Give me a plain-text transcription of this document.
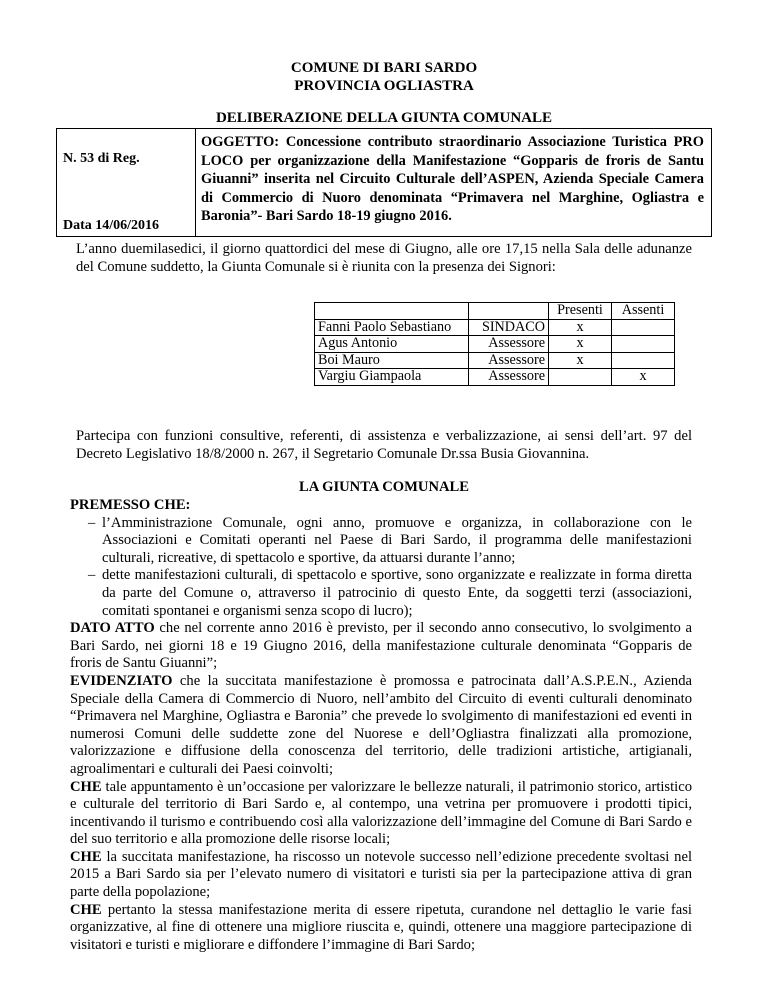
COMUNE DI BARI SARDO
PROVINCIA OGLIASTRA
DELIBERAZIONE DELLA GIUNTA COMUNALE
N. 53 di Reg.
Data 14/06/2016
OGGETTO: Concessione contributo straordinario Associazione Turistica PRO LOCO per organizzazione della Manifestazione “Gopparis de froris de Santu Giuanni” inserita nel Circuito Culturale dell’ASPEN, Azienda Speciale Camera di Commercio di Nuoro denominata “Primavera nel Marghine, Ogliastra e Baronia”- Bari Sardo 18-19 giugno 2016.
L’anno duemilasedici, il giorno quattordici del mese di Giugno, alle ore 17,15 nella Sala delle adunanze del Comune suddetto, la Giunta Comunale si è riunita con la presenza dei Signori:
		Presenti	Assenti
Fanni Paolo Sebastiano	SINDACO	x	
Agus Antonio	Assessore	x	
Boi Mauro	Assessore	x	
Vargiu Giampaola	Assessore		x
Partecipa con funzioni consultive, referenti, di assistenza e verbalizzazione, ai sensi dell’art. 97 del Decreto Legislativo 18/8/2000 n. 267, il Segretario Comunale Dr.ssa Busia Giovannina.
LA GIUNTA COMUNALE
PREMESSO CHE:
– l’Amministrazione Comunale, ogni anno, promuove e organizza, in collaborazione con le Associazioni e Comitati operanti nel Paese di Bari Sardo, il programma delle manifestazioni culturali, ricreative, di spettacolo e sportive, da attuarsi durante l’anno;
– dette manifestazioni culturali, di spettacolo e sportive, sono organizzate e realizzate in forma diretta da parte del Comune o, attraverso il patrocinio di questo Ente, da soggetti terzi (associazioni, comitati spontanei e organismi senza scopo di lucro);
DATO ATTO che nel corrente anno 2016 è previsto, per il secondo anno consecutivo, lo svolgimento a Bari Sardo, nei giorni 18 e 19 Giugno 2016, della manifestazione culturale denominata “Gopparis de froris de Santu Giuanni”;
EVIDENZIATO che la succitata manifestazione è promossa e patrocinata dall’A.S.P.E.N., Azienda Speciale della Camera di Commercio di Nuoro, nell’ambito del Circuito di eventi culturali denominato “Primavera nel Marghine, Ogliastra e Baronia” che prevede lo svolgimento di manifestazioni ed eventi in numerosi Comuni delle suddette zone del Nuorese e dell’Ogliastra finalizzati alla promozione, valorizzazione e diffusione della conoscenza del territorio, delle tradizioni artistiche, artigianali, agroalimentari e culturali dei Paesi coinvolti;
CHE tale appuntamento è un’occasione per valorizzare le bellezze naturali, il patrimonio storico, artistico e culturale del territorio di Bari Sardo e, al contempo, una vetrina per promuovere i prodotti tipici, incentivando il turismo e contribuendo così alla valorizzazione dell’immagine del Comune di Bari Sardo e del suo territorio e alla promozione delle risorse locali;
CHE la succitata manifestazione, ha riscosso un notevole successo nell’edizione precedente svoltasi nel 2015 a Bari Sardo sia per l’elevato numero di visitatori e turisti sia per la partecipazione attiva di gran parte della popolazione;
CHE pertanto la stessa manifestazione merita di essere ripetuta, curandone nel dettaglio le varie fasi organizzative, al fine di ottenere una migliore riuscita e, quindi, ottenere una maggiore partecipazione di visitatori e turisti e migliorare e diffondere l’immagine di Bari Sardo;
